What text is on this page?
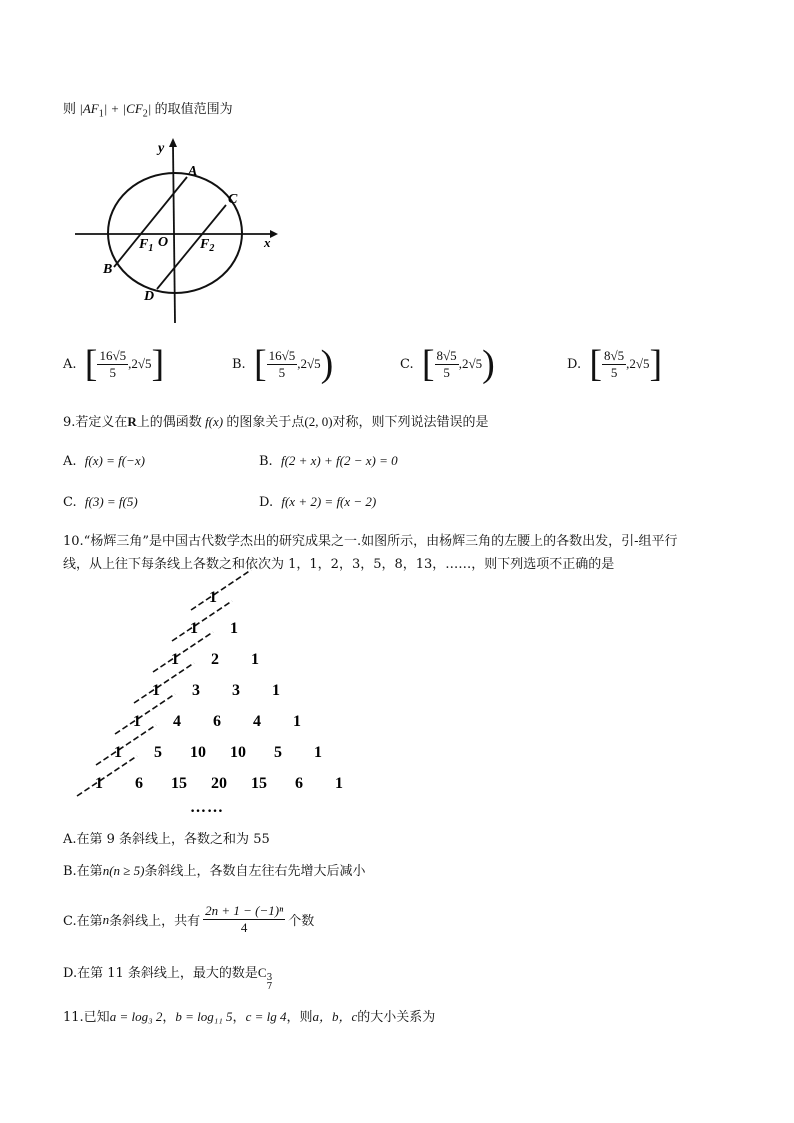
则 $|AF_1| + |CF_2|$ 的取值范围为
y
x
A
B
C
D
$F_1$ O $F_2$
A.
[ $\frac{16√5}{5}$ , 2√5 ]	B.
[ $\frac{16√5}{5}$ , 2√5 )	C.
[ $\frac{8√5}{5}$ , 2√5 )	D.
[ $\frac{8√5}{5}$ , 2√5 ]
9.若定义在R上的偶函数 f(x) 的图象关于点(2, 0)对称，则下列说法错误的是
A. f(x) = f(−x)	B. f(2 + x) + f(2 − x) = 0
C. f(3) = f(5)	D. f(x + 2) = f(x − 2)
10.“杨辉三角”是中国古代数学杰出的研究成果之一.如图所示，由杨辉三角的左腰上的各数出发，引-组平行
线，从上往下每条线上各数之和依次为 1，1，2，3，5，8，13，……，则下列选项不正确的是
1
1 1
1 2 1
1 3 3 1
1 4 6 4 1
1 5 10 10 5 1
1 6 15 20 15 6 1
……
A.在第 9 条斜线上，各数之和为 55
B.在第n(n ≥ 5)条斜线上，各数自左往右先增大后减小
C.在第 n 条斜线上，共有 $\frac{\text{2n + 1 − (−1)ⁿ}}{4}$ 个数
D.在第 11 条斜线上，最大的数是C 3
7
11.已知a = log₃ 2，b = log₁₁ 5，c = lg 4，则a，b，c的大小关系为
